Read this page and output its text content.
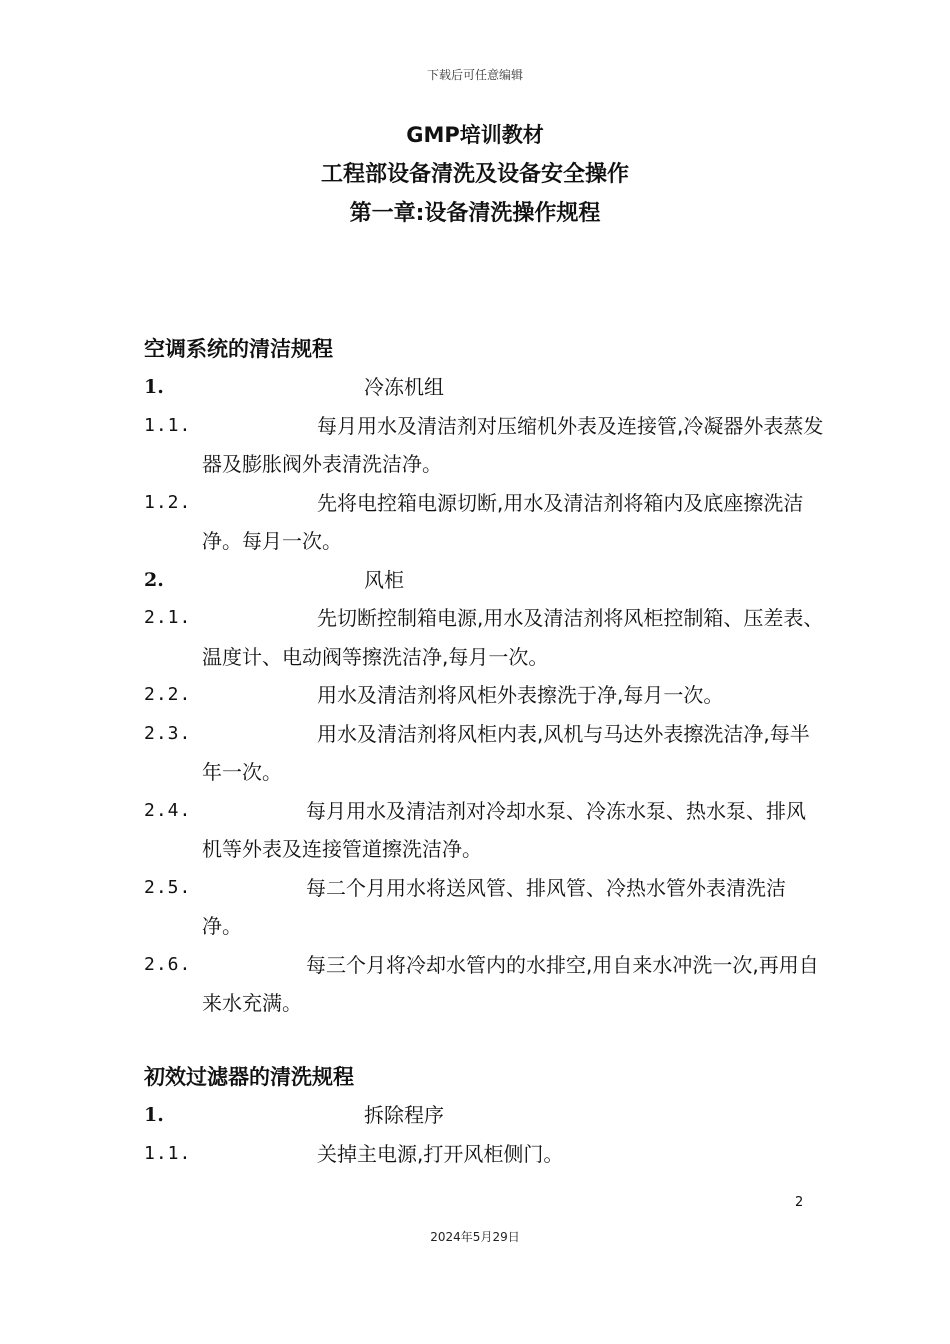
下载后可任意编辑
GMP培训教材
工程部设备清洗及设备安全操作
第一章:设备清洗操作规程
空调系统的清洁规程
1.	冷冻机组
1.1.	每月用水及清洁剂对压缩机外表及连接管,冷凝器外表蒸发器及膨胀阀外表清洗洁净。
1.2.	先将电控箱电源切断,用水及清洁剂将箱内及底座擦洗洁净。每月一次。
2.	风柜
2.1.	先切断控制箱电源,用水及清洁剂将风柜控制箱、压差表、温度计、电动阀等擦洗洁净,每月一次。
2.2.	用水及清洁剂将风柜外表擦洗于净,每月一次。
2.3.	用水及清洁剂将风柜内表,风机与马达外表擦洗洁净,每半年一次。
2.4.	每月用水及清洁剂对冷却水泵、冷冻水泵、热水泵、排风机等外表及连接管道擦洗洁净。
2.5.	每二个月用水将送风管、排风管、冷热水管外表清洗洁净。
2.6.	每三个月将冷却水管内的水排空,用自来水冲洗一次,再用自来水充满。
初效过滤器的清洗规程
1.	拆除程序
1.1.	关掉主电源,打开风柜侧门。
2
2024年5月29日
